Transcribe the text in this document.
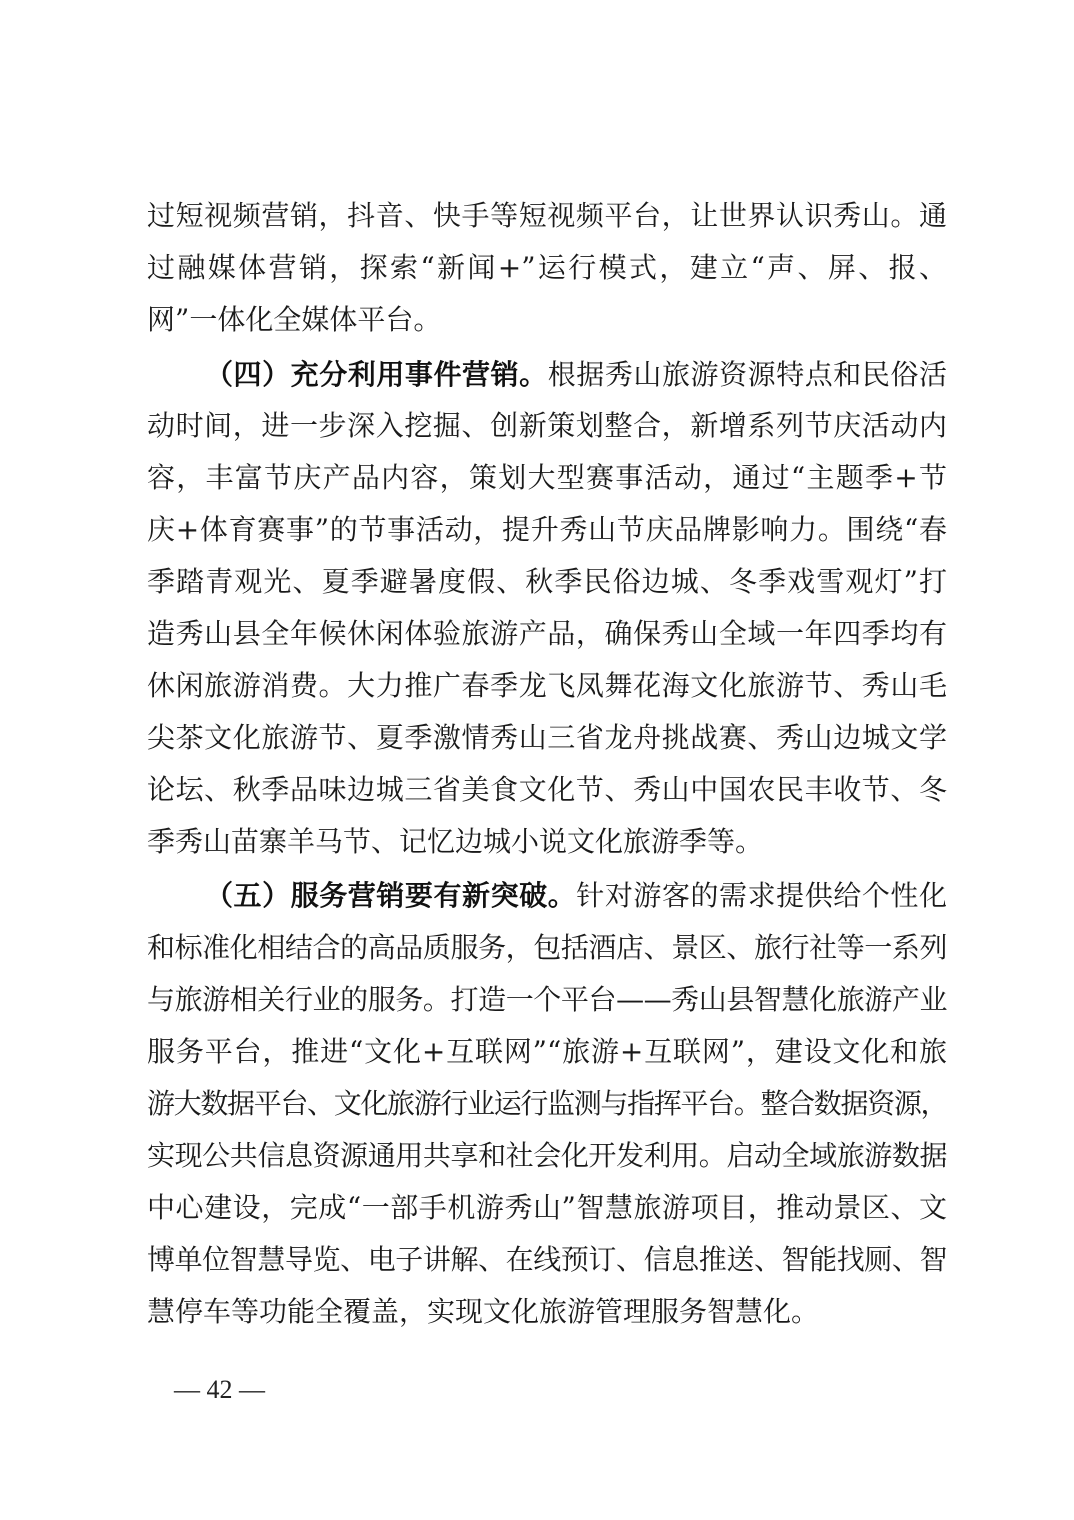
过短视频营销，抖音、快手等短视频平台，让世界认识秀山。通
过融媒体营销，探索“新闻+”运行模式，建立“声、屏、报、
网”一体化全媒体平台。
（四）充分利用事件营销。根据秀山旅游资源特点和民俗活
动时间，进一步深入挖掘、创新策划整合，新增系列节庆活动内
容，丰富节庆产品内容，策划大型赛事活动，通过“主题季+节
庆+体育赛事”的节事活动，提升秀山节庆品牌影响力。围绕“春
季踏青观光、夏季避暑度假、秋季民俗边城、冬季戏雪观灯”打
造秀山县全年候休闲体验旅游产品，确保秀山全域一年四季均有
休闲旅游消费。大力推广春季龙飞凤舞花海文化旅游节、秀山毛
尖茶文化旅游节、夏季激情秀山三省龙舟挑战赛、秀山边城文学
论坛、秋季品味边城三省美食文化节、秀山中国农民丰收节、冬
季秀山苗寨羊马节、记忆边城小说文化旅游季等。
（五）服务营销要有新突破。针对游客的需求提供给个性化
和标准化相结合的高品质服务，包括酒店、景区、旅行社等一系列
与旅游相关行业的服务。打造一个平台——秀山县智慧化旅游产业
服务平台，推进“文化+互联网”“旅游+互联网”，建设文化和旅
游大数据平台、文化旅游行业运行监测与指挥平台。整合数据资源，
实现公共信息资源通用共享和社会化开发利用。启动全域旅游数据
中心建设，完成“一部手机游秀山”智慧旅游项目，推动景区、文
博单位智慧导览、电子讲解、在线预订、信息推送、智能找厕、智
慧停车等功能全覆盖，实现文化旅游管理服务智慧化。
— 42 —
